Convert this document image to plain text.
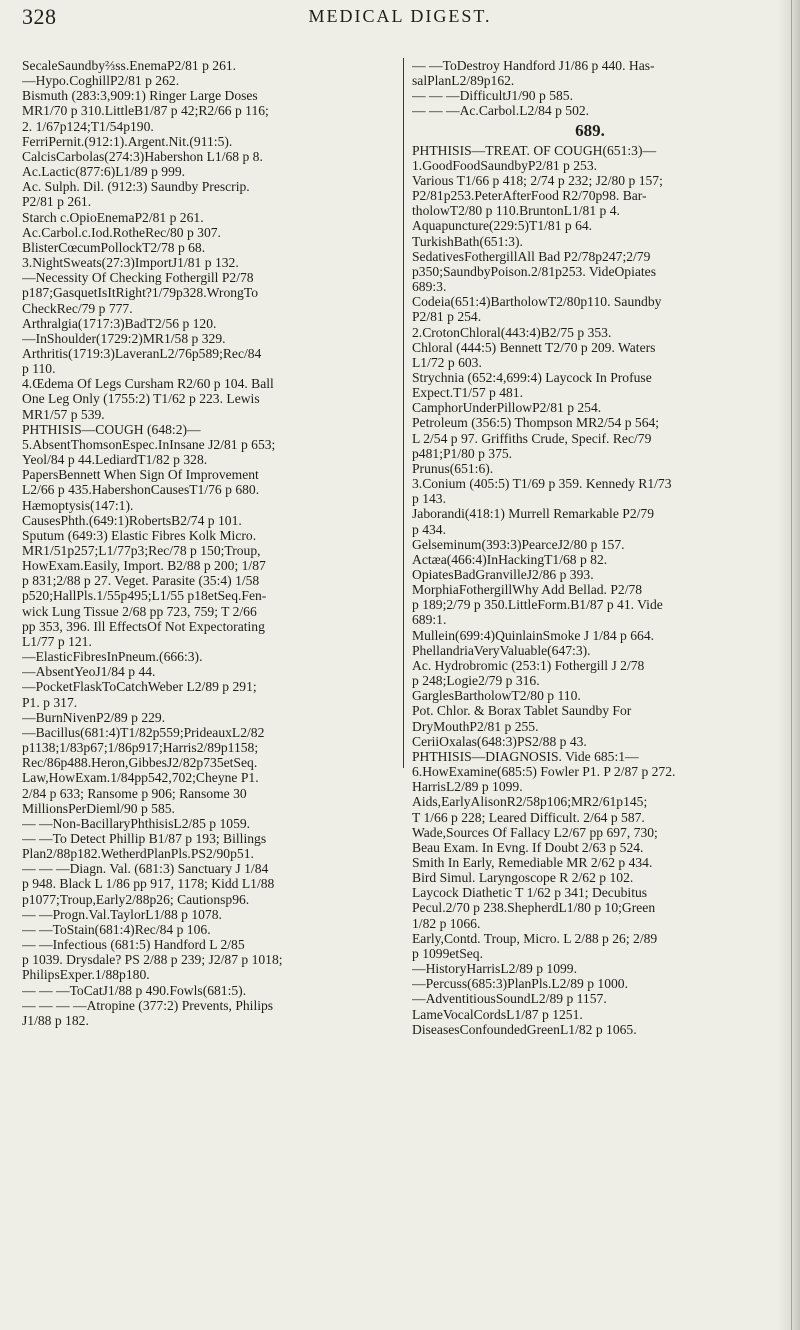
328	MEDICAL DIGEST.
SecaleSaundby⅔ss.EnemaP2/81 p 261.
—Hypo.CoghillP2/81 p 262.
Bismuth (283:3,909:1) Ringer Large Doses
MR1/70 p 310.LittleB1/87 p 42;R2/66 p 116;
2. 1/67p124;T1/54p190.
FerriPernit.(912:1).Argent.Nit.(911:5).
CalcisCarbolas(274:3)Habershon L1/68 p 8.
Ac.Lactic(877:6)L1/89 p 999.
Ac. Sulph. Dil. (912:3) Saundby Prescrip.
P2/81 p 261.
Starch c.OpioEnemaP2/81 p 261.
Ac.Carbol.c.Iod.RotheRec/80 p 307.
BlisterCœcumPollockT2/78 p 68.
3.NightSweats(27:3)ImportJ1/81 p 132.
—Necessity Of Checking Fothergill P2/78
p187;GasquetIsItRight?1/79p328.WrongTo
CheckRec/79 p 777.
Arthralgia(1717:3)BadT2/56 p 120.
—InShoulder(1729:2)MR1/58 p 329.
Arthritis(1719:3)LaveranL2/76p589;Rec/84
p 110.
4.Œdema Of Legs Cursham R2/60 p 104. Ball
One Leg Only (1755:2) T1/62 p 223. Lewis
MR1/57 p 539.
PHTHISIS—COUGH (648:2)—
5.AbsentThomsonEspec.InInsane J2/81 p 653;
Yeol/84 p 44.LediardT1/82 p 328.
PapersBennett When Sign Of Improvement
L2/66 p 435.HabershonCausesT1/76 p 680.
Hæmoptysis(147:1).
CausesPhth.(649:1)RobertsB2/74 p 101.
Sputum (649:3) Elastic Fibres Kolk Micro.
MR1/51p257;L1/77p3;Rec/78 p 150;Troup,
HowExam.Easily, Import. B2/88 p 200; 1/87
p 831;2/88 p 27. Veget. Parasite (35:4) 1/58
p520;HallPls.1/55p495;L1/55 p18etSeq.Fen-
wick Lung Tissue 2/68 pp 723, 759; T 2/66
pp 353, 396. Ill EffectsOf Not Expectorating
L1/77 p 121.
—ElasticFibresInPneum.(666:3).
—AbsentYeoJ1/84 p 44.
—PocketFlaskToCatchWeber L2/89 p 291;
P1. p 317.
—BurnNivenP2/89 p 229.
—Bacillus(681:4)T1/82p559;PrideauxL2/82
p1138;1/83p67;1/86p917;Harris2/89p1158;
Rec/86p488.Heron,GibbesJ2/82p735etSeq.
Law,HowExam.1/84pp542,702;Cheyne P1.
2/84 p 633; Ransome p 906; Ransome 30
MillionsPerDieml/90 p 585.
— —Non-BacillaryPhthisisL2/85 p 1059.
— —To Detect Phillip B1/87 p 193; Billings
Plan2/88p182.WetherdPlanPls.PS2/90p51.
— — —Diagn. Val. (681:3) Sanctuary J 1/84
p 948. Black L 1/86 pp 917, 1178; Kidd L1/88
p1077;Troup,Early2/88p26; Cautionsp96.
— —Progn.Val.TaylorL1/88 p 1078.
— —ToStain(681:4)Rec/84 p 106.
— —Infectious (681:5) Handford L 2/85
p 1039. Drysdale? PS 2/88 p 239; J2/87 p 1018;
PhilipsExper.1/88p180.
— — —ToCatJ1/88 p 490.Fowls(681:5).
— — — —Atropine (377:2) Prevents, Philips
J1/88 p 182.
— —ToDestroy Handford J1/86 p 440. Has-
salPlanL2/89p162.
— — —DifficultJ1/90 p 585.
— — —Ac.Carbol.L2/84 p 502.
689.
PHTHISIS—TREAT. OF COUGH(651:3)—
1.GoodFoodSaundbyP2/81 p 253.
Various T1/66 p 418; 2/74 p 232; J2/80 p 157;
P2/81p253.PeterAfterFood R2/70p98. Bar-
tholowT2/80 p 110.BruntonL1/81 p 4.
Aquapuncture(229:5)T1/81 p 64.
TurkishBath(651:3).
SedativesFothergillAll Bad P2/78p247;2/79
p350;SaundbyPoison.2/81p253. VideOpiates
689:3.
Codeia(651:4)BartholowT2/80p110. Saundby
P2/81 p 254.
2.CrotonChloral(443:4)B2/75 p 353.
Chloral (444:5) Bennett T2/70 p 209. Waters
L1/72 p 603.
Strychnia (652:4,699:4) Laycock In Profuse
Expect.T1/57 p 481.
CamphorUnderPillowP2/81 p 254.
Petroleum (356:5) Thompson MR2/54 p 564;
L 2/54 p 97. Griffiths Crude, Specif. Rec/79
p481;P1/80 p 375.
Prunus(651:6).
3.Conium (405:5) T1/69 p 359. Kennedy R1/73
p 143.
Jaborandi(418:1) Murrell Remarkable P2/79
p 434.
Gelseminum(393:3)PearceJ2/80 p 157.
Actæa(466:4)InHackingT1/68 p 82.
OpiatesBadGranvilleJ2/86 p 393.
MorphiaFothergillWhy Add Bellad. P2/78
p 189;2/79 p 350.LittleForm.B1/87 p 41. Vide
689:1.
Mullein(699:4)QuinlainSmoke J 1/84 p 664.
PhellandriaVeryValuable(647:3).
Ac. Hydrobromic (253:1) Fothergill J 2/78
p 248;Logie2/79 p 316.
GarglesBartholowT2/80 p 110.
Pot. Chlor. & Borax Tablet Saundby For
DryMouthP2/81 p 255.
CeriiOxalas(648:3)PS2/88 p 43.
PHTHISIS—DIAGNOSIS. Vide 685:1—
6.HowExamine(685:5) Fowler P1. P 2/87 p 272.
HarrisL2/89 p 1099.
Aids,EarlyAlisonR2/58p106;MR2/61p145;
T 1/66 p 228; Leared Difficult. 2/64 p 587.
Wade,Sources Of Fallacy L2/67 pp 697, 730;
Beau Exam. In Evng. If Doubt 2/63 p 524.
Smith In Early, Remediable MR 2/62 p 434.
Bird Simul. Laryngoscope R 2/62 p 102.
Laycock Diathetic T 1/62 p 341; Decubitus
Pecul.2/70 p 238.ShepherdL1/80 p 10;Green
1/82 p 1066.
Early,Contd. Troup, Micro. L 2/88 p 26; 2/89
p 1099etSeq.
—HistoryHarrisL2/89 p 1099.
—Percuss(685:3)PlanPls.L2/89 p 1000.
—AdventitiousSoundL2/89 p 1157.
LameVocalCordsL1/87 p 1251.
DiseasesConfoundedGreenL1/82 p 1065.
